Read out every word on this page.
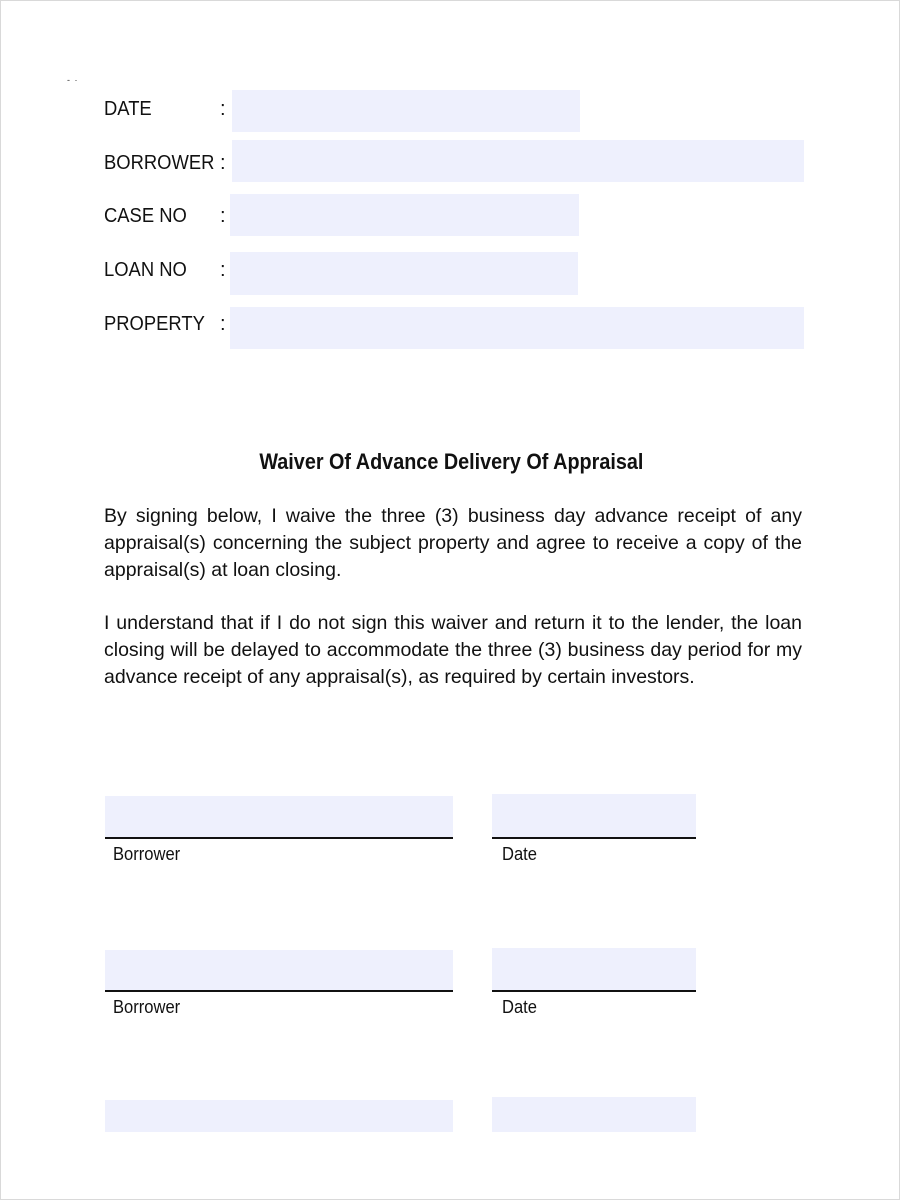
- ·
DATE	:
BORROWER :
CASE NO :
LOAN NO :
PROPERTY :
Waiver Of Advance Delivery Of Appraisal
By signing below, I waive the three (3) business day advance receipt of any appraisal(s) concerning the subject property and agree to receive a copy of the appraisal(s) at loan closing.
I understand that if I do not sign this waiver and return it to the lender, the loan closing will be delayed to accommodate the three (3) business day period for my advance receipt of any appraisal(s), as required by certain investors.
Borrower	Date
Borrower	Date
